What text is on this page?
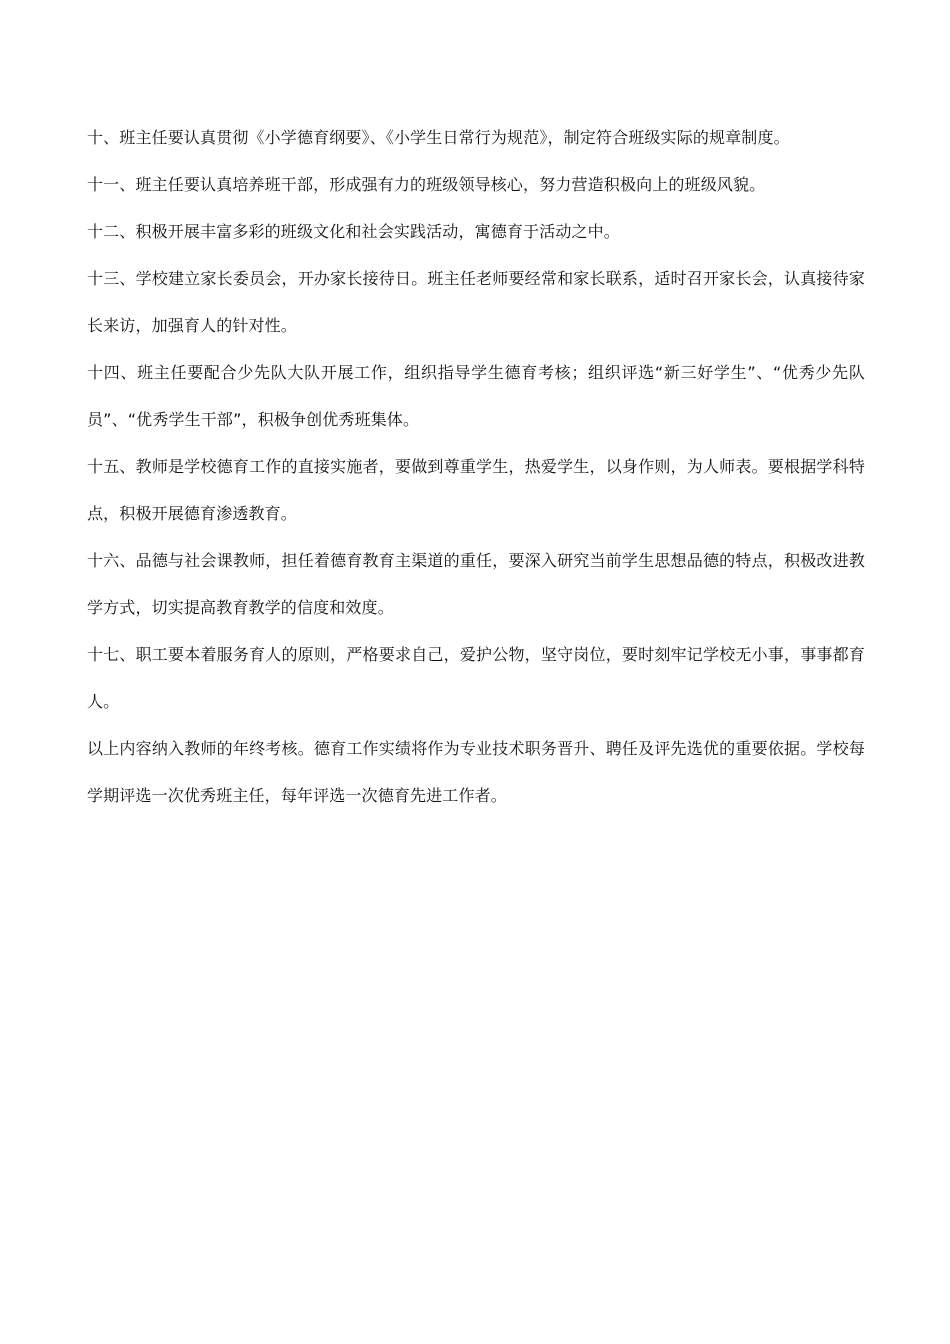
十、班主任要认真贯彻《小学德育纲要》、《小学生日常行为规范》，制定符合班级实际的规章制度。

十一、班主任要认真培养班干部，形成强有力的班级领导核心，努力营造积极向上的班级风貌。

十二、积极开展丰富多彩的班级文化和社会实践活动，寓德育于活动之中。

十三、学校建立家长委员会，开办家长接待日。班主任老师要经常和家长联系，适时召开家长会，认真接待家长来访，加强育人的针对性。

十四、班主任要配合少先队大队开展工作，组织指导学生德育考核；组织评选“新三好学生”、“优秀少先队员”、“优秀学生干部”，积极争创优秀班集体。

十五、教师是学校德育工作的直接实施者，要做到尊重学生，热爱学生，以身作则，为人师表。要根据学科特点，积极开展德育渗透教育。

十六、品德与社会课教师，担任着德育教育主渠道的重任，要深入研究当前学生思想品德的特点，积极改进教学方式，切实提高教育教学的信度和效度。

十七、职工要本着服务育人的原则，严格要求自己，爱护公物，坚守岗位，要时刻牢记学校无小事，事事都育人。

以上内容纳入教师的年终考核。德育工作实绩将作为专业技术职务晋升、聘任及评先选优的重要依据。学校每学期评选一次优秀班主任，每年评选一次德育先进工作者。
